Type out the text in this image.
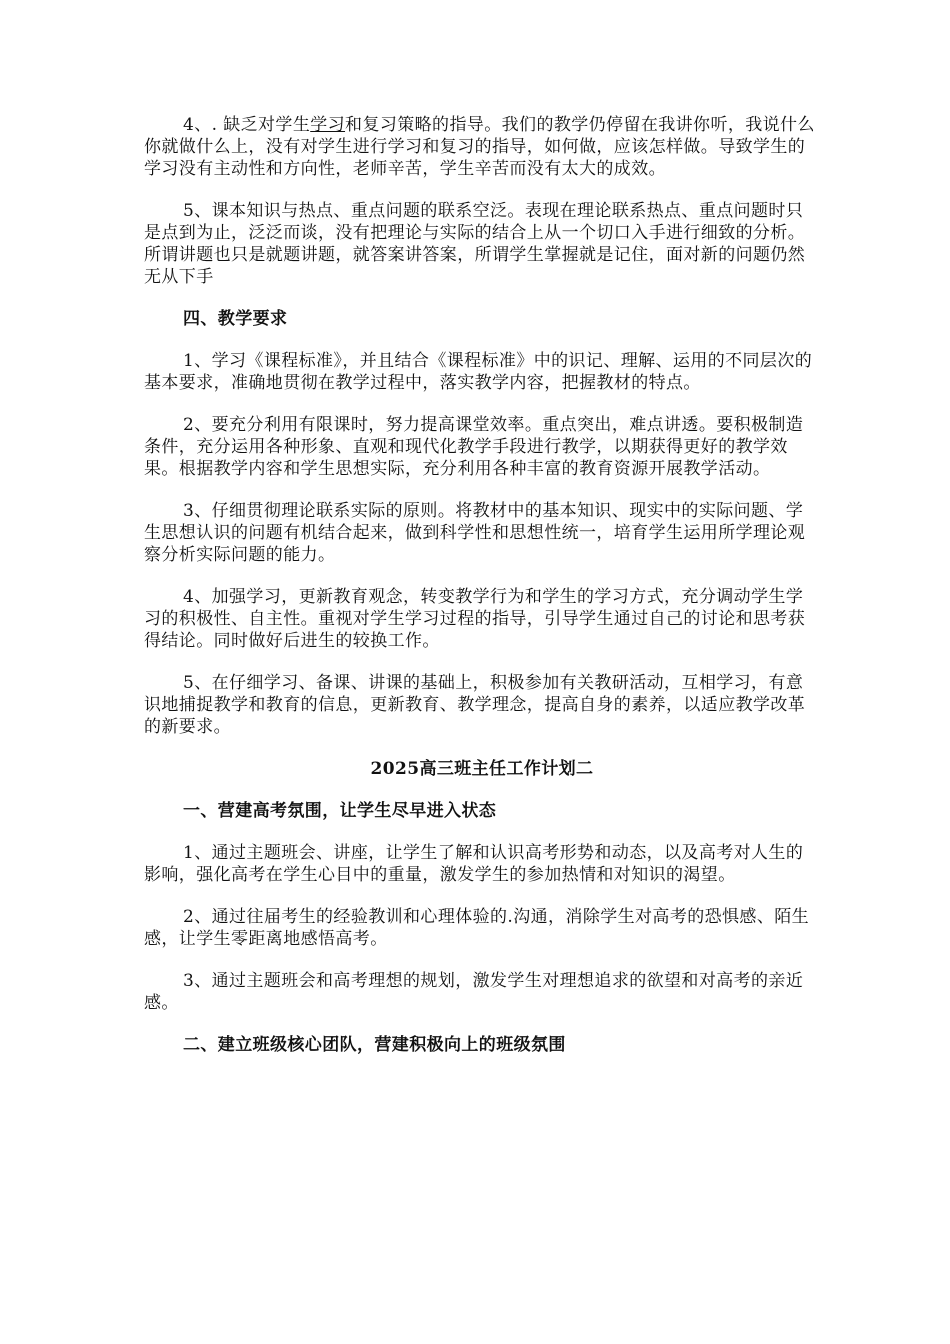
4、. 缺乏对学生学习和复习策略的指导。我们的教学仍停留在我讲你听，我说什么你就做什么上，没有对学生进行学习和复习的指导，如何做，应该怎样做。导致学生的学习没有主动性和方向性，老师辛苦，学生辛苦而没有太大的成效。

5、课本知识与热点、重点问题的联系空泛。表现在理论联系热点、重点问题时只是点到为止，泛泛而谈，没有把理论与实际的结合上从一个切口入手进行细致的分析。所谓讲题也只是就题讲题，就答案讲答案，所谓学生掌握就是记住，面对新的问题仍然无从下手

四、教学要求

1、学习《课程标准》，并且结合《课程标准》中的识记、理解、运用的不同层次的基本要求，准确地贯彻在教学过程中，落实教学内容，把握教材的特点。

2、要充分利用有限课时，努力提高课堂效率。重点突出，难点讲透。要积极制造条件，充分运用各种形象、直观和现代化教学手段进行教学，以期获得更好的教学效果。根据教学内容和学生思想实际，充分利用各种丰富的教育资源开展教学活动。

3、仔细贯彻理论联系实际的原则。将教材中的基本知识、现实中的实际问题、学生思想认识的问题有机结合起来，做到科学性和思想性统一，培育学生运用所学理论观察分析实际问题的能力。

4、加强学习，更新教育观念，转变教学行为和学生的学习方式，充分调动学生学习的积极性、自主性。重视对学生学习过程的指导，引导学生通过自己的讨论和思考获得结论。同时做好后进生的较换工作。

5、在仔细学习、备课、讲课的基础上，积极参加有关教研活动，互相学习，有意识地捕捉教学和教育的信息，更新教育、教学理念，提高自身的素养，以适应教学改革的新要求。

2025高三班主任工作计划二

一、营建高考氛围，让学生尽早进入状态

1、通过主题班会、讲座，让学生了解和认识高考形势和动态，以及高考对人生的影响，强化高考在学生心目中的重量，激发学生的参加热情和对知识的渴望。

2、通过往届考生的经验教训和心理体验的.沟通，消除学生对高考的恐惧感、陌生感，让学生零距离地感悟高考。

3、通过主题班会和高考理想的规划，激发学生对理想追求的欲望和对高考的亲近感。

二、建立班级核心团队，营建积极向上的班级氛围
